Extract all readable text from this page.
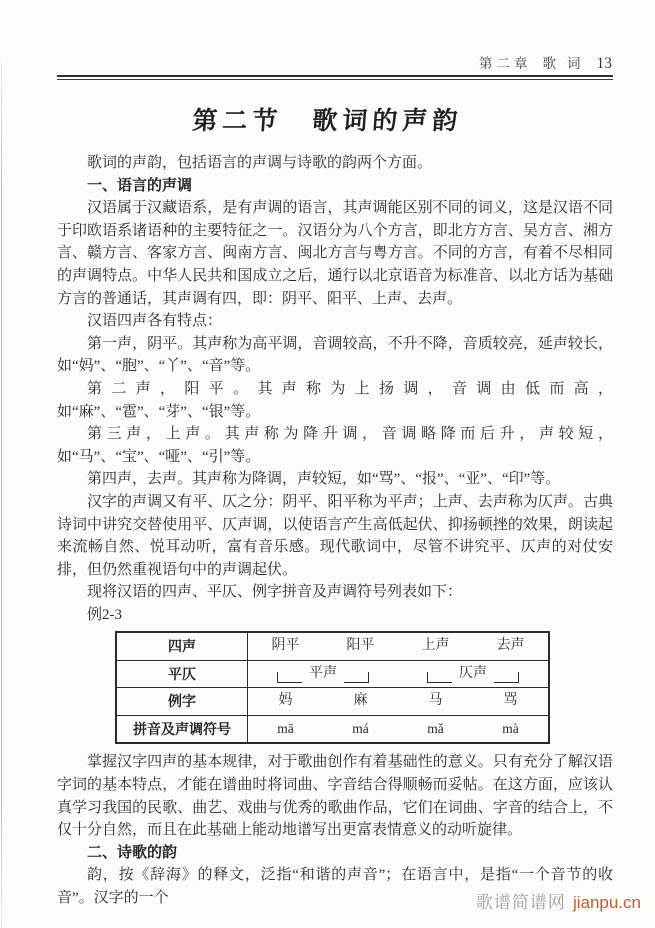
第二章 歌 词 13
第二节　歌词的声韵

歌词的声韵，包括语言的声调与诗歌的韵两个方面。

一、语言的声调

汉语属于汉藏语系，是有声调的语言，其声调能区别不同的词义，这是汉语不同于印欧语系诸语种的主要特征之一。汉语分为八个方言，即北方方言、吴方言、湘方言、赣方言、客家方言、闽南方言、闽北方言与粤方言。不同的方言，有着不尽相同的声调特点。中华人民共和国成立之后，通行以北京语音为标准音、以北方话为基础方言的普通话，其声调有四，即：阴平、阳平、上声、去声。

汉语四声各有特点：

第一声，阴平。其声称为高平调，音调较高，不升不降，音质较亮，延声较长，如“妈”、“胞”、“丫”、“音”等。

第二声，阳平。其声称为上扬调，音调由低而高，如“麻”、“雹”、“芽”、“银”等。

第三声，上声。其声称为降升调，音调略降而后升，声较短，如“马”、“宝”、“哑”、“引”等。

第四声，去声。其声称为降调，声较短，如“骂”、“报”、“亚”、“印”等。

汉字的声调又有平、仄之分：阴平、阳平称为平声；上声、去声称为仄声。古典诗词中讲究交替使用平、仄声调，以使语言产生高低起伏、抑扬顿挫的效果，朗读起来流畅自然、悦耳动听，富有音乐感。现代歌词中，尽管不讲究平、仄声的对仗安排，但仍然重视语句中的声调起伏。

现将汉语的四声、平仄、例字拼音及声调符号列表如下：

例2-3

四声	阴平	阳平	上声	去声
平仄	平声	仄声
例字	妈	麻	马	骂
拼音及声调符号	mā	má	mǎ	mà

掌握汉字四声的基本规律，对于歌曲创作有着基础性的意义。只有充分了解汉语字词的基本特点，才能在谱曲时将词曲、字音结合得顺畅而妥帖。在这方面，应该认真学习我国的民歌、曲艺、戏曲与优秀的歌曲作品，它们在词曲、字音的结合上，不仅十分自然，而且在此基础上能动地谱写出更富表情意义的动听旋律。

二、诗歌的韵

韵，按《辞海》的释文，泛指“和谐的声音”；在语言中，是指“一个音节的收音”。汉字的一个	歌谱简谱网 jianpu.cn
